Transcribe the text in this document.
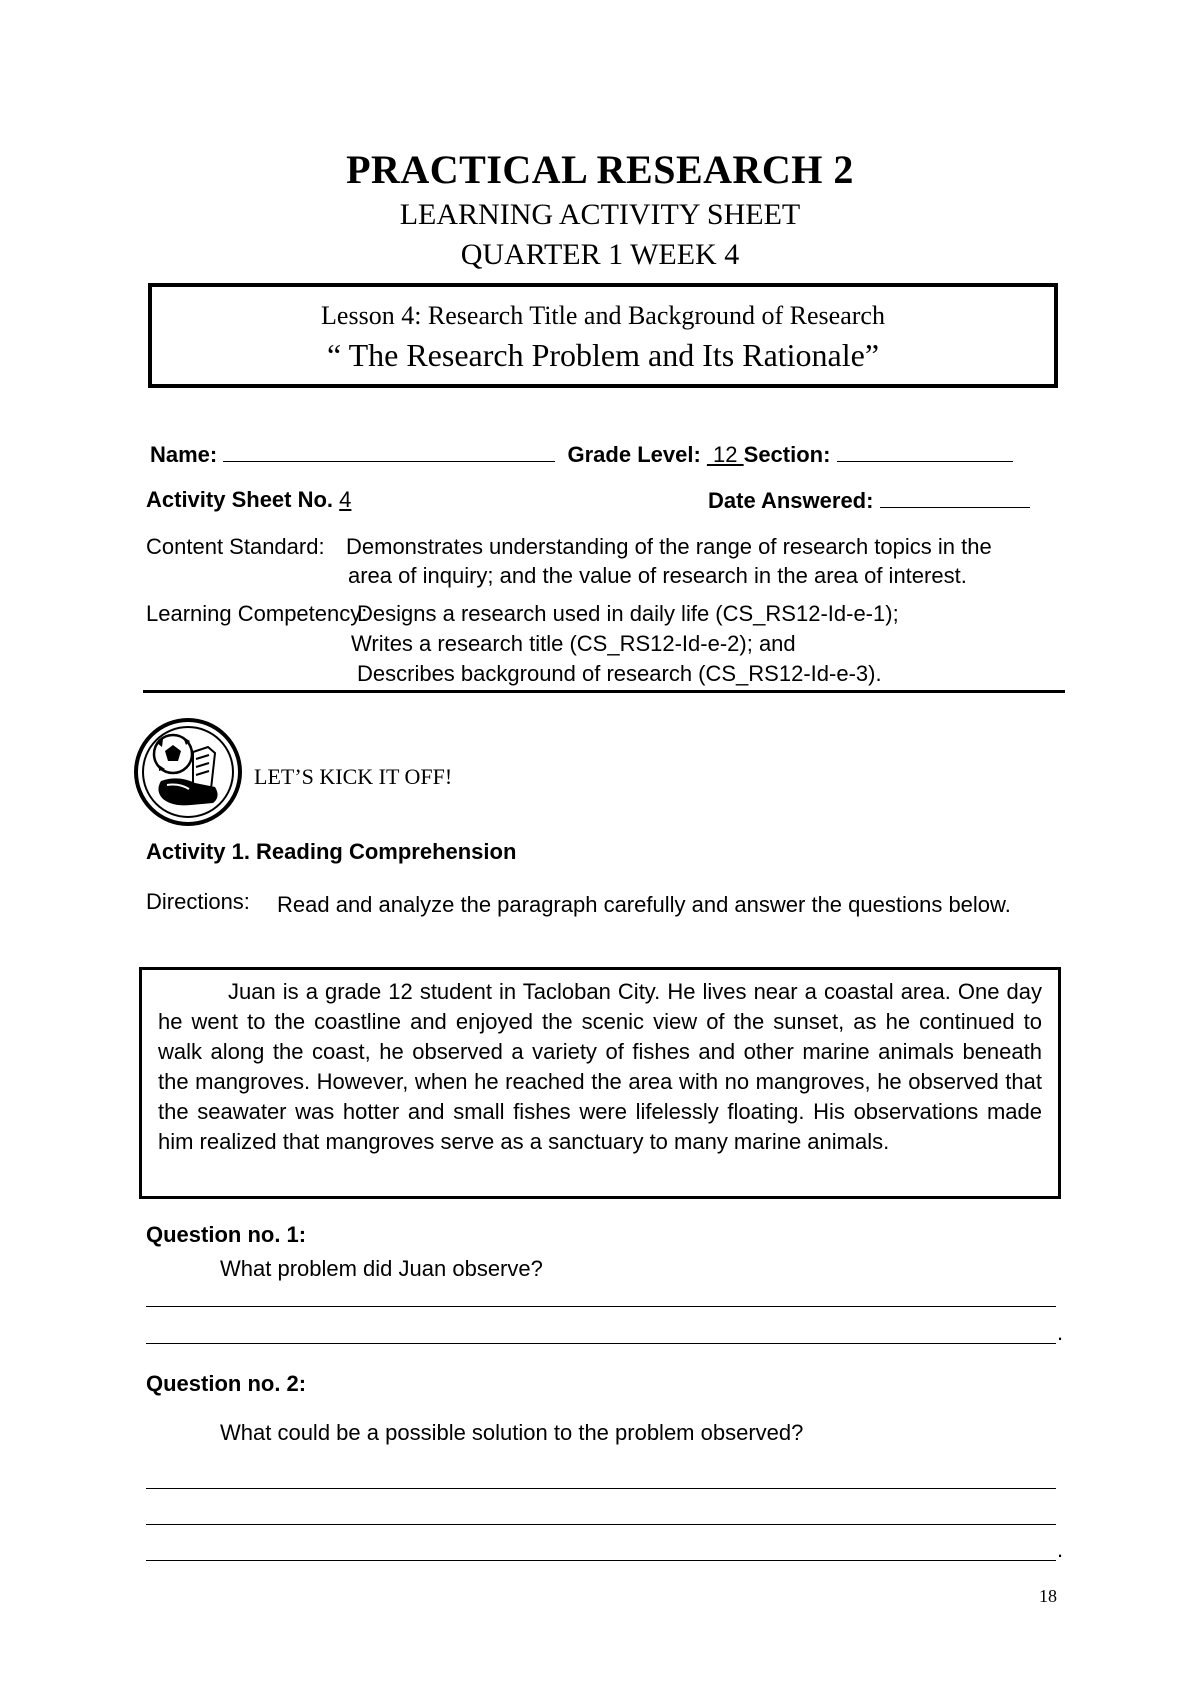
PRACTICAL RESEARCH 2
LEARNING ACTIVITY SHEET
QUARTER 1 WEEK 4
Lesson 4: Research Title and Background of Research
“ The Research Problem and Its Rationale”
Name:	Grade Level: 12 Section:
Activity Sheet No. 4	Date Answered:
Content Standard: Demonstrates understanding of the range of research topics in the
area of inquiry; and the value of research in the area of interest.
Learning Competency:
Designs a research used in daily life (CS_RS12-Id-e-1);
Writes a research title (CS_RS12-Id-e-2); and
Describes background of research (CS_RS12-Id-e-3).
LET’S KICK IT OFF!
Activity 1. Reading Comprehension
Directions: Read and analyze the paragraph carefully and answer the questions below.

Juan is a grade 12 student in Tacloban City. He lives near a coastal area. One day he went to the coastline and enjoyed the scenic view of the sunset, as he continued to walk along the coast, he observed a variety of fishes and other marine animals beneath the mangroves. However, when he reached the area with no mangroves, he observed that the seawater was hotter and small fishes were lifelessly floating. His observations made him realized that mangroves serve as a sanctuary to many marine animals.

Question no. 1:
What problem did Juan observe?
.
Question no. 2:
What could be a possible solution to the problem observed?
.
18
